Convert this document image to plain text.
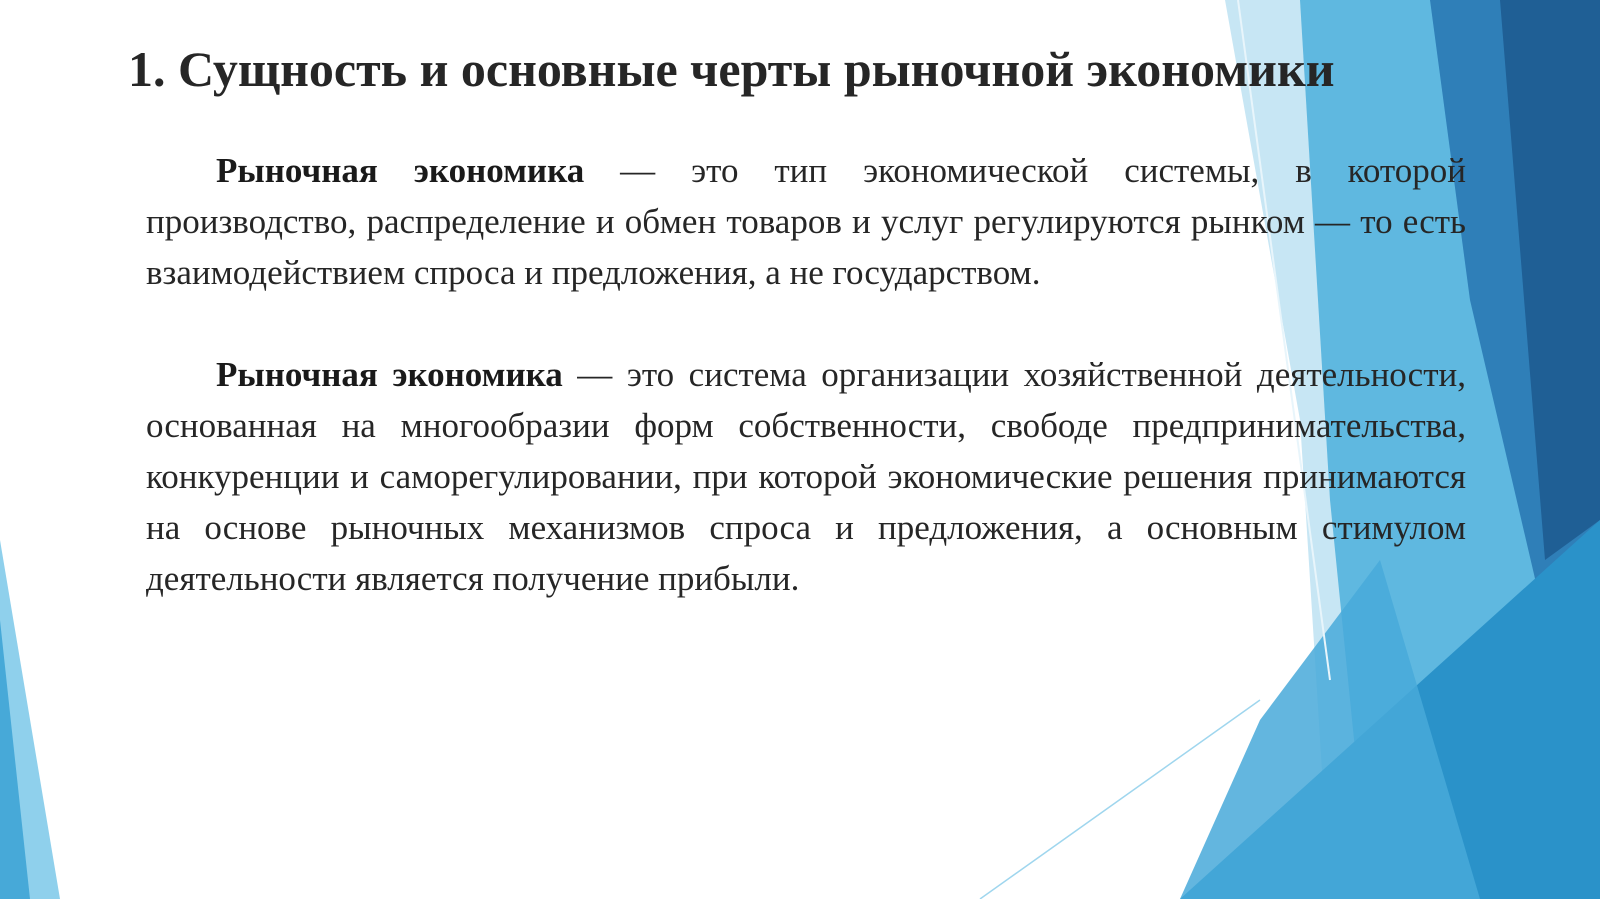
1. Сущность и основные черты рыночной экономики

Рыночная экономика — это тип экономической системы, в которой производство, распределение и обмен товаров и услуг регулируются рынком — то есть взаимодействием спроса и предложения, а не государством.

Рыночная экономика — это система организации хозяйственной деятельности, основанная на многообразии форм собственности, свободе предпринимательства, конкуренции и саморегулировании, при которой экономические решения принимаются на основе рыночных механизмов спроса и предложения, а основным стимулом деятельности является получение прибыли.
